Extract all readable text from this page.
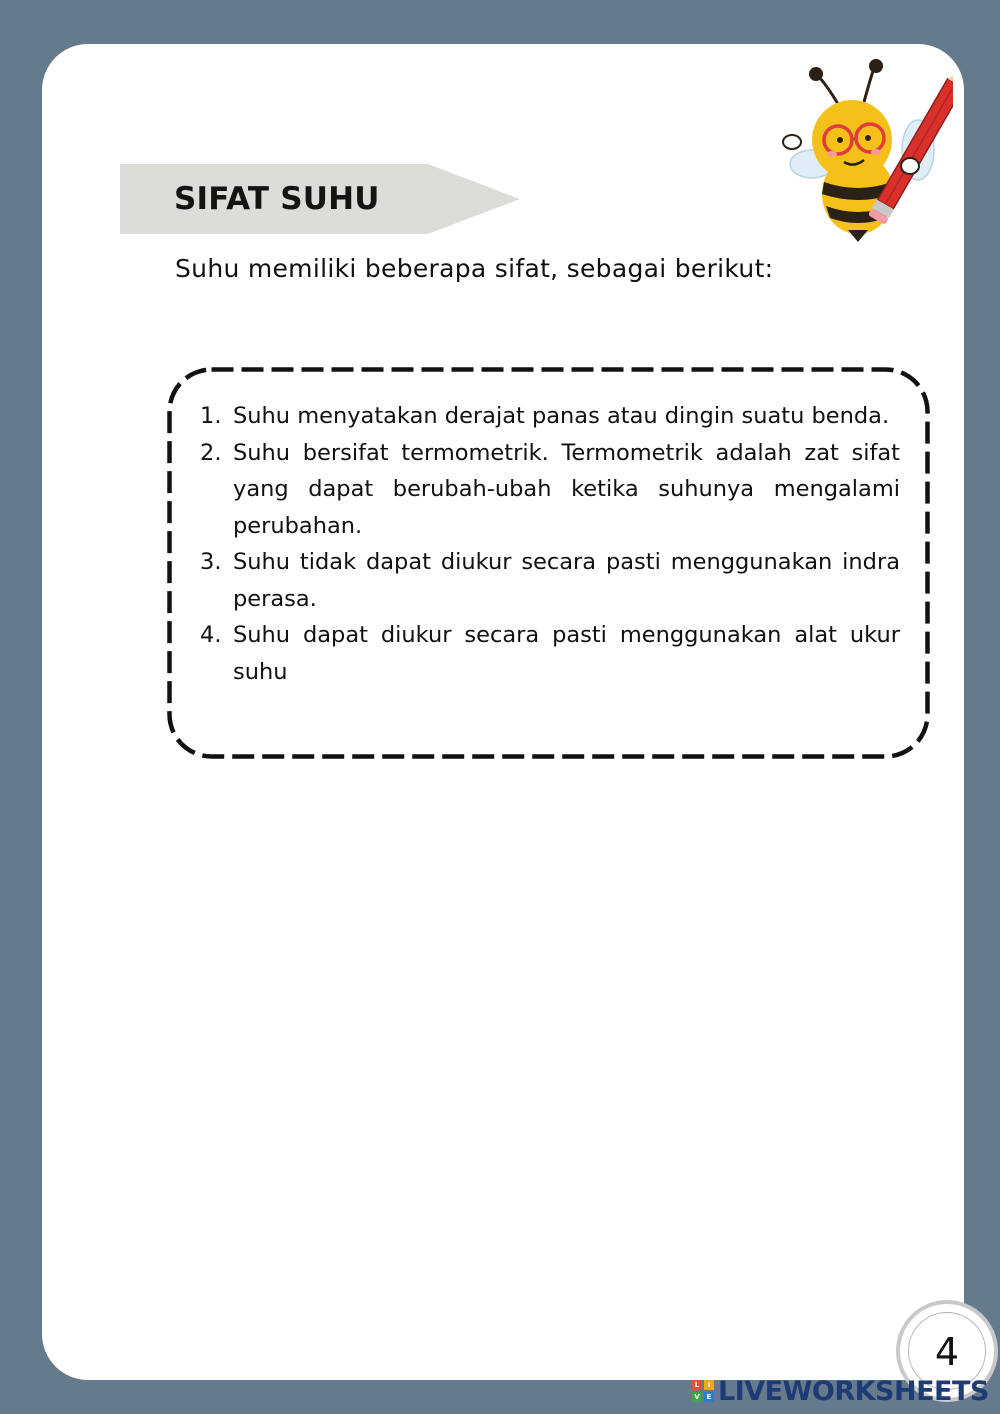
SIFAT SUHU
Suhu memiliki beberapa sifat, sebagai berikut:
1. Suhu menyatakan derajat panas atau dingin suatu benda.
2. Suhu bersifat termometrik. Termometrik adalah zat sifat yang dapat berubah-ubah ketika suhunya mengalami perubahan.
3. Suhu tidak dapat diukur secara pasti menggunakan indra perasa.
4. Suhu dapat diukur secara pasti menggunakan alat ukur suhu
4
L	I
V E LIVEWORKSHEETS
